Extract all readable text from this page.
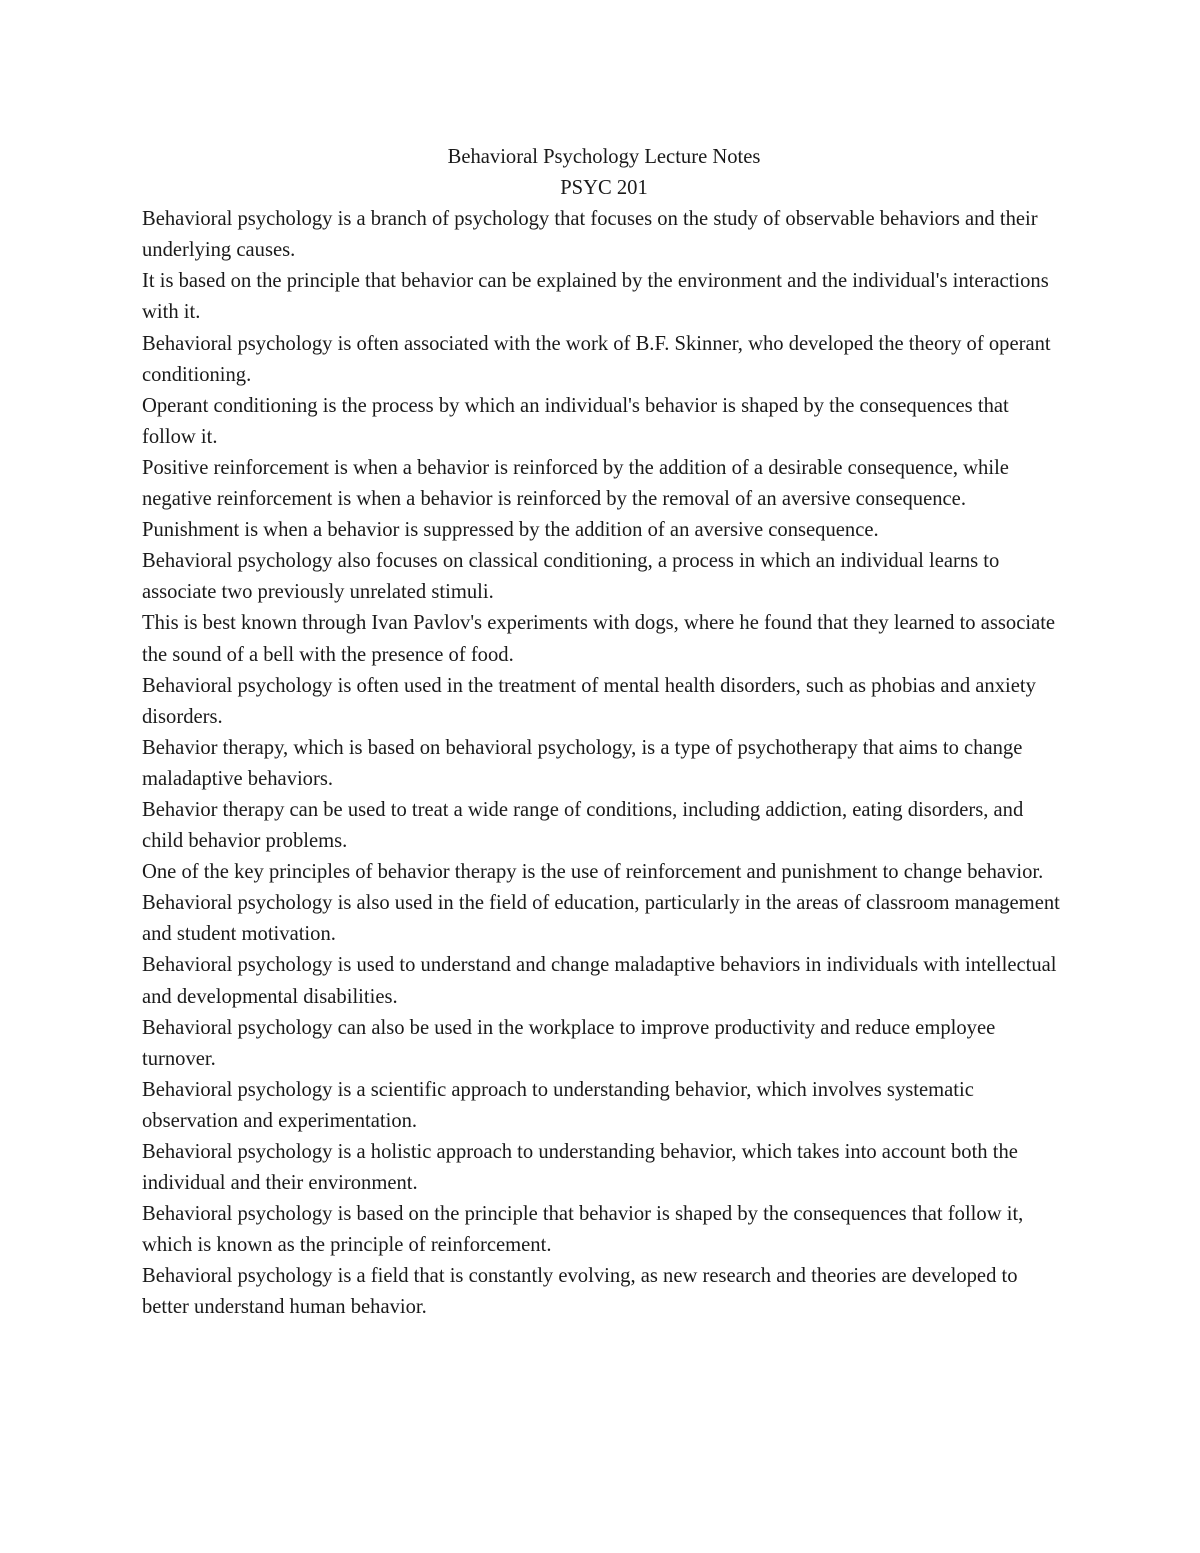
Behavioral Psychology Lecture Notes
PSYC 201

Behavioral psychology is a branch of psychology that focuses on the study of observable behaviors and their underlying causes.

It is based on the principle that behavior can be explained by the environment and the individual's interactions with it.

Behavioral psychology is often associated with the work of B.F. Skinner, who developed the theory of operant conditioning.

Operant conditioning is the process by which an individual's behavior is shaped by the consequences that follow it.

Positive reinforcement is when a behavior is reinforced by the addition of a desirable consequence, while negative reinforcement is when a behavior is reinforced by the removal of an aversive consequence.

Punishment is when a behavior is suppressed by the addition of an aversive consequence.

Behavioral psychology also focuses on classical conditioning, a process in which an individual learns to associate two previously unrelated stimuli.

This is best known through Ivan Pavlov's experiments with dogs, where he found that they learned to associate the sound of a bell with the presence of food.

Behavioral psychology is often used in the treatment of mental health disorders, such as phobias and anxiety disorders.

Behavior therapy, which is based on behavioral psychology, is a type of psychotherapy that aims to change maladaptive behaviors.

Behavior therapy can be used to treat a wide range of conditions, including addiction, eating disorders, and child behavior problems.

One of the key principles of behavior therapy is the use of reinforcement and punishment to change behavior.

Behavioral psychology is also used in the field of education, particularly in the areas of classroom management and student motivation.

Behavioral psychology is used to understand and change maladaptive behaviors in individuals with intellectual and developmental disabilities.

Behavioral psychology can also be used in the workplace to improve productivity and reduce employee turnover.

Behavioral psychology is a scientific approach to understanding behavior, which involves systematic observation and experimentation.

Behavioral psychology is a holistic approach to understanding behavior, which takes into account both the individual and their environment.

Behavioral psychology is based on the principle that behavior is shaped by the consequences that follow it, which is known as the principle of reinforcement.

Behavioral psychology is a field that is constantly evolving, as new research and theories are developed to better understand human behavior.
